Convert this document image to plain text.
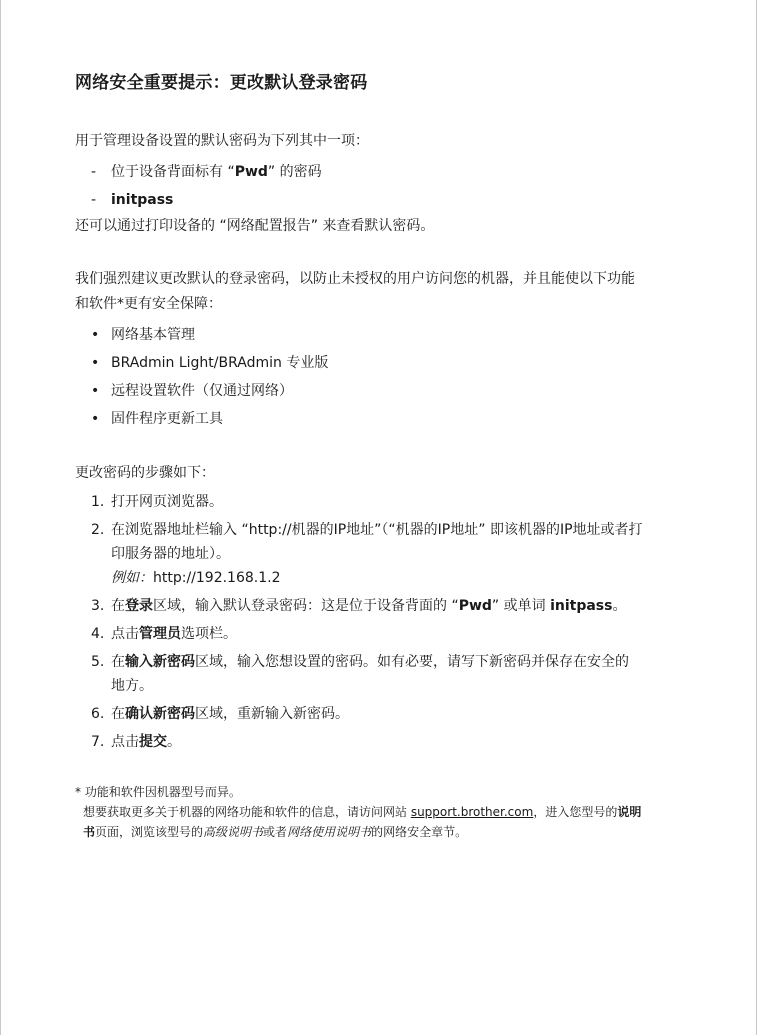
网络安全重要提示：更改默认登录密码

用于管理设备设置的默认密码为下列其中一项：

- 位于设备背面标有 “Pwd” 的密码
- initpass

还可以通过打印设备的 “网络配置报告” 来查看默认密码。

我们强烈建议更改默认的登录密码，以防止未授权的用户访问您的机器，并且能使以下功能

和软件*更有安全保障：

• 网络基本管理
• BRAdmin Light/BRAdmin 专业版
• 远程设置软件（仅通过网络）
• 固件程序更新工具

更改密码的步骤如下：

1. 打开网页浏览器。
2. 在浏览器地址栏输入 “http://机器的IP地址”（“机器的IP地址” 即该机器的IP地址或者打
印服务器的地址）。
例如：http://192.168.1.2
3. 在登录区域，输入默认登录密码：这是位于设备背面的 “Pwd” 或单词 initpass。
4. 点击管理员选项栏。
5. 在输入新密码区域，输入您想设置的密码。如有必要，请写下新密码并保存在安全的
地方。
6. 在确认新密码区域，重新输入新密码。
7. 点击提交。

* 功能和软件因机器型号而异。

想要获取更多关于机器的网络功能和软件的信息，请访问网站 support.brother.com，进入您型号的说明

书页面，浏览该型号的高级说明书或者网络使用说明书的网络安全章节。
